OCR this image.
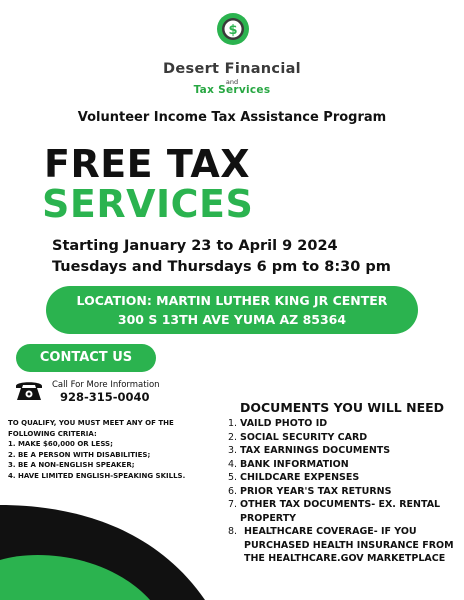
$
Desert Financial
and
Tax Services
Volunteer Income Tax Assistance Program
FREE TAX
SERVICES
Starting January 23 to April 9 2024
Tuesdays and Thursdays 6 pm to 8:30 pm
LOCATION: MARTIN LUTHER KING JR CENTER
300 S 13TH AVE YUMA AZ 85364
CONTACT US
Call For More Information
928-315-0040
TO QUALIFY, YOU MUST MEET ANY OF THE
FOLLOWING CRITERIA:
1. MAKE $60,000 OR LESS;
2. BE A PERSON WITH DISABILITIES;
3. BE A NON-ENGLISH SPEAKER;
4. HAVE LIMITED ENGLISH-SPEAKING SKILLS.
DOCUMENTS YOU WILL NEED
1. VAILD PHOTO ID
2. SOCIAL SECURITY CARD
3. TAX EARNINGS DOCUMENTS
4. BANK INFORMATION
5. CHILDCARE EXPENSES
6. PRIOR YEAR'S TAX RETURNS
7. OTHER TAX DOCUMENTS- EX. RENTAL PROPERTY
8. HEALTHCARE COVERAGE- IF YOU PURCHASED HEALTH INSURANCE FROM THE HEALTHCARE.GOV MARKETPLACE
